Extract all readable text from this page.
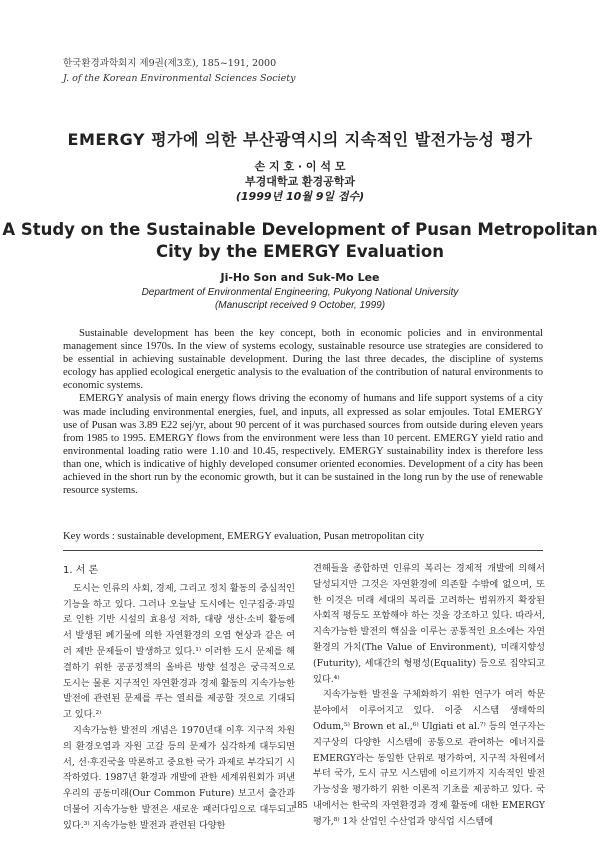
한국환경과학회지 제9권(제3호), 185~191, 2000
J. of the Korean Environmental Sciences Society
EMERGY 평가에 의한 부산광역시의 지속적인 발전가능성 평가
손 지 호 · 이 석 모
부경대학교 환경공학과
(1999년 10월 9일 접수)
A Study on the Sustainable Development of Pusan Metropolitan
City by the EMERGY Evaluation
Ji-Ho Son and Suk-Mo Lee
Department of Environmental Engineering, Pukyong National University
(Manuscript received 9 October, 1999)

Sustainable development has been the key concept, both in economic policies and in environmental management since 1970s. In the view of systems ecology, sustainable resource use strategies are considered to be essential in achieving sustainable development. During the last three decades, the discipline of systems ecology has applied ecological energetic analysis to the evaluation of the contribution of natural environments to economic systems.

EMERGY analysis of main energy flows driving the economy of humans and life support systems of a city was made including environmental energies, fuel, and inputs, all expressed as solar emjoules. Total EMERGY use of Pusan was 3.89 E22 sej/yr, about 90 percent of it was purchased sources from outside during eleven years from 1985 to 1995. EMERGY flows from the environment were less than 10 percent. EMERGY yield ratio and environmental loading ratio were 1.10 and 10.45, respectively. EMERGY sustainability index is therefore less than one, which is indicative of highly developed consumer oriented economies. Development of a city has been achieved in the short run by the economic growth, but it can be sustained in the long run by the use of renewable resource systems.

Key words : sustainable development, EMERGY evaluation, Pusan metropolitan city
1. 서 론

도시는 인류의 사회, 경제, 그리고 정치 활동의 중심적인 기능을 하고 있다. 그러나 오늘날 도시에는 인구집중·과밀로 인한 기반 시설의 효용성 저하, 대량 생산·소비 활동에서 발생된 폐기물에 의한 자연환경의 오염 현상과 같은 여러 제반 문제들이 발생하고 있다.¹⁾ 이러한 도시 문제를 해결하기 위한 공공정책의 올바른 방향 설정은 궁극적으로 도시는 물론 지구적인 자연환경과 경제 활동의 지속가능한 발전에 관련된 문제를 푸는 열쇠를 제공할 것으로 기대되고 있다.²⁾

지속가능한 발전의 개념은 1970년대 이후 지구적 차원의 환경오염과 자원 고갈 등의 문제가 심각하게 대두되면서, 선·후진국을 막론하고 중요한 국가 과제로 부각되기 시작하였다. 1987년 환경과 개발에 관한 세계위원회가 펴낸 우리의 공동미래(Our Common Future) 보고서 출간과 더불어 지속가능한 발전은 새로운 패러다임으로 대두되고 있다.³⁾ 지속가능한 발전과 관련된 다양한

견해들을 종합하면 인류의 복리는 경제적 개발에 의해서 달성되지만 그것은 자연환경에 의존할 수밖에 없으며, 또한 이것은 미래 세대의 복리를 고려하는 범위까지 확장된 사회적 평등도 포함해야 하는 것을 강조하고 있다. 따라서, 지속가능한 발전의 핵심을 이루는 공통적인 요소에는 자연환경의 가치(The Value of Environment), 미래지향성(Futurity), 세대간의 형평성(Equality) 등으로 집약되고 있다.⁴⁾

지속가능한 발전을 구체화하기 위한 연구가 여러 학문 분야에서 이루어지고 있다. 이중 시스템 생태학의 Odum,⁵⁾ Brown et al.,⁶⁾ Ulgiati et al.⁷⁾ 등의 연구자는 지구상의 다양한 시스템에 공통으로 관여하는 에너지를 EMERGY라는 동일한 단위로 평가하여, 지구적 차원에서부터 국가, 도시 규모 시스템에 이르기까지 지속적인 발전가능성을 평가하기 위한 이론적 기초를 제공하고 있다. 국내에서는 한국의 자연환경과 경제 활동에 대한 EMERGY 평가,⁸⁾ 1차 산업인 수산업과 양식업 시스템에

185
